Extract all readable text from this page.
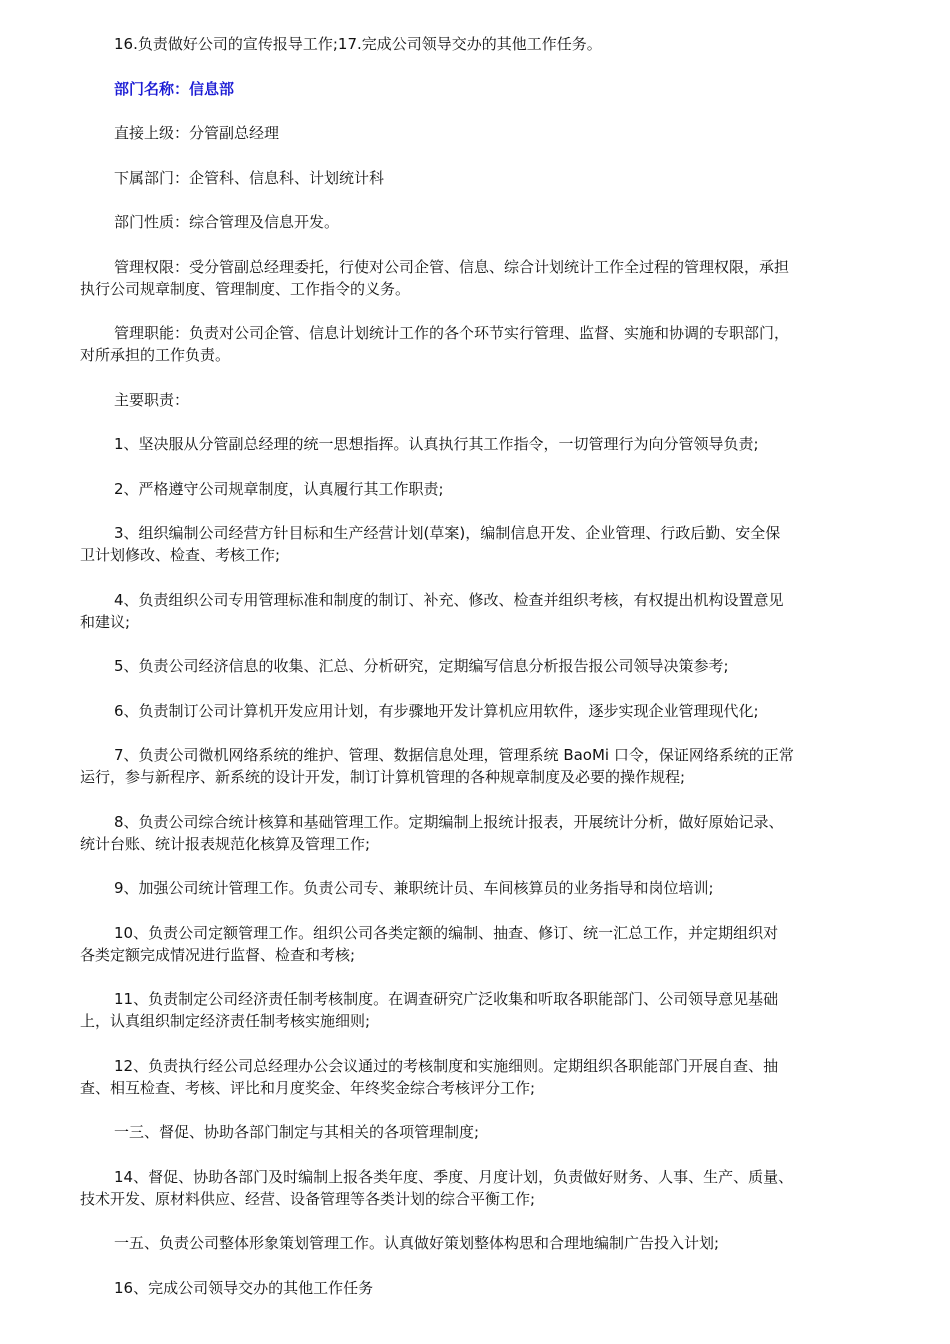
16.负责做好公司的宣传报导工作;17.完成公司领导交办的其他工作任务。
部门名称：信息部
直接上级：分管副总经理
下属部门：企管科、信息科、计划统计科
部门性质：综合管理及信息开发。
管理权限：受分管副总经理委托，行使对公司企管、信息、综合计划统计工作全过程的管理权限，承担
执行公司规章制度、管理制度、工作指令的义务。
管理职能：负责对公司企管、信息计划统计工作的各个环节实行管理、监督、实施和协调的专职部门，
对所承担的工作负责。
主要职责：
1、坚决服从分管副总经理的统一思想指挥。认真执行其工作指令，一切管理行为向分管领导负责;
2、严格遵守公司规章制度，认真履行其工作职责;
3、组织编制公司经营方针目标和生产经营计划(草案)，编制信息开发、企业管理、行政后勤、安全保
卫计划修改、检查、考核工作;
4、负责组织公司专用管理标准和制度的制订、补充、修改、检查并组织考核，有权提出机构设置意见
和建议;
5、负责公司经济信息的收集、汇总、分析研究，定期编写信息分析报告报公司领导决策参考;
6、负责制订公司计算机开发应用计划，有步骤地开发计算机应用软件，逐步实现企业管理现代化;
7、负责公司微机网络系统的维护、管理、数据信息处理，管理系统 BaoMi 口令，保证网络系统的正常
运行，参与新程序、新系统的设计开发，制订计算机管理的各种规章制度及必要的操作规程;
8、负责公司综合统计核算和基础管理工作。定期编制上报统计报表，开展统计分析，做好原始记录、
统计台账、统计报表规范化核算及管理工作;
9、加强公司统计管理工作。负责公司专、兼职统计员、车间核算员的业务指导和岗位培训;
10、负责公司定额管理工作。组织公司各类定额的编制、抽查、修订、统一汇总工作，并定期组织对
各类定额完成情况进行监督、检查和考核;
11、负责制定公司经济责任制考核制度。在调查研究广泛收集和听取各职能部门、公司领导意见基础
上，认真组织制定经济责任制考核实施细则;
12、负责执行经公司总经理办公会议通过的考核制度和实施细则。定期组织各职能部门开展自查、抽
查、相互检查、考核、评比和月度奖金、年终奖金综合考核评分工作;
一三、督促、协助各部门制定与其相关的各项管理制度;
14、督促、协助各部门及时编制上报各类年度、季度、月度计划，负责做好财务、人事、生产、质量、
技术开发、原材料供应、经营、设备管理等各类计划的综合平衡工作;
一五、负责公司整体形象策划管理工作。认真做好策划整体构思和合理地编制广告投入计划;
16、完成公司领导交办的其他工作任务
